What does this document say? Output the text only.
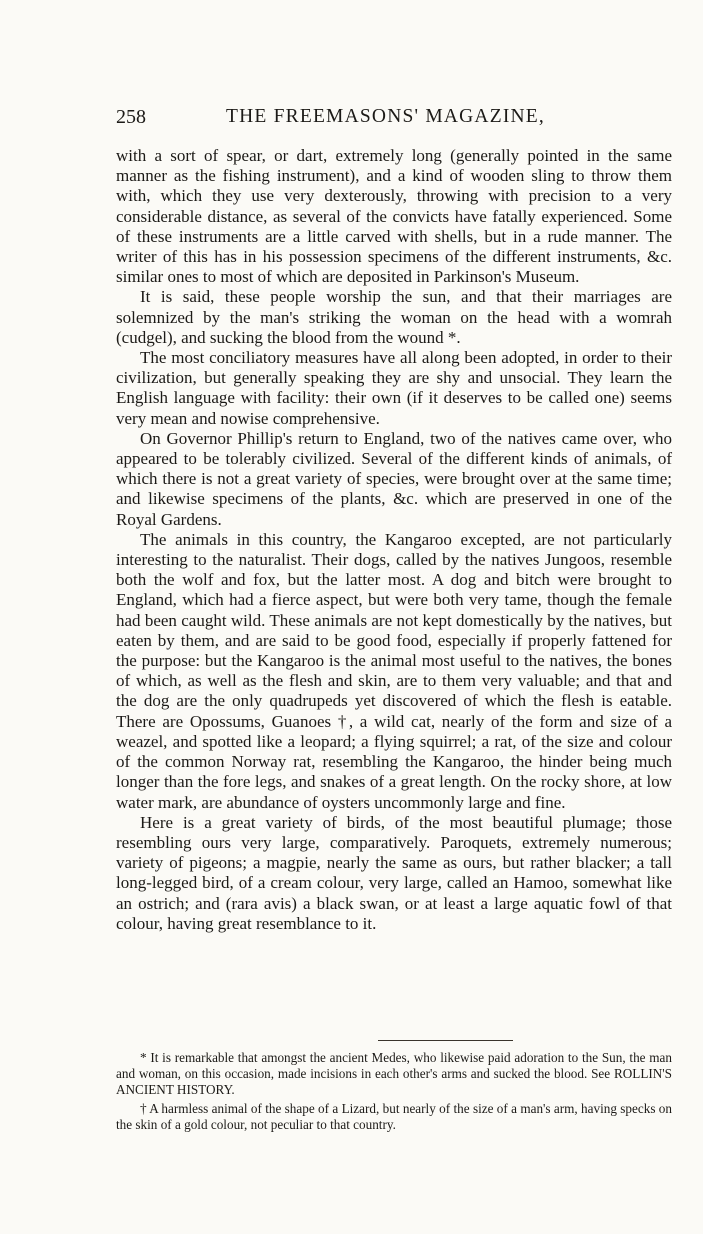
258	THE FREEMASONS' MAGAZINE,

with a sort of spear, or dart, extremely long (generally pointed in the same manner as the fishing instrument), and a kind of wooden sling to throw them with, which they use very dexterously, throwing with precision to a very considerable distance, as several of the convicts have fatally experienced. Some of these instruments are a little carved with shells, but in a rude manner. The writer of this has in his possession specimens of the different instruments, &c. similar ones to most of which are deposited in Parkinson's Museum.

It is said, these people worship the sun, and that their marriages are solemnized by the man's striking the woman on the head with a womrah (cudgel), and sucking the blood from the wound *.

The most conciliatory measures have all along been adopted, in order to their civilization, but generally speaking they are shy and unsocial. They learn the English language with facility: their own (if it deserves to be called one) seems very mean and nowise comprehensive.

On Governor Phillip's return to England, two of the natives came over, who appeared to be tolerably civilized. Several of the different kinds of animals, of which there is not a great variety of species, were brought over at the same time; and likewise specimens of the plants, &c. which are preserved in one of the Royal Gardens.

The animals in this country, the Kangaroo excepted, are not particularly interesting to the naturalist. Their dogs, called by the natives Jungoos, resemble both the wolf and fox, but the latter most. A dog and bitch were brought to England, which had a fierce aspect, but were both very tame, though the female had been caught wild. These animals are not kept domestically by the natives, but eaten by them, and are said to be good food, especially if properly fattened for the purpose: but the Kangaroo is the animal most useful to the natives, the bones of which, as well as the flesh and skin, are to them very valuable; and that and the dog are the only quadrupeds yet discovered of which the flesh is eatable. There are Opossums, Guanoes †, a wild cat, nearly of the form and size of a weazel, and spotted like a leopard; a flying squirrel; a rat, of the size and colour of the common Norway rat, resembling the Kangaroo, the hinder being much longer than the fore legs, and snakes of a great length. On the rocky shore, at low water mark, are abundance of oysters uncommonly large and fine.

Here is a great variety of birds, of the most beautiful plumage; those resembling ours very large, comparatively. Paroquets, extremely numerous; variety of pigeons; a magpie, nearly the same as ours, but rather blacker; a tall long-legged bird, of a cream colour, very large, called an Hamoo, somewhat like an ostrich; and (rara avis) a black swan, or at least a large aquatic fowl of that colour, having great resemblance to it.

* It is remarkable that amongst the ancient Medes, who likewise paid adoration to the Sun, the man and woman, on this occasion, made incisions in each other's arms and sucked the blood. See ROLLIN'S ANCIENT HISTORY.

† A harmless animal of the shape of a Lizard, but nearly of the size of a man's arm, having specks on the skin of a gold colour, not peculiar to that country.
